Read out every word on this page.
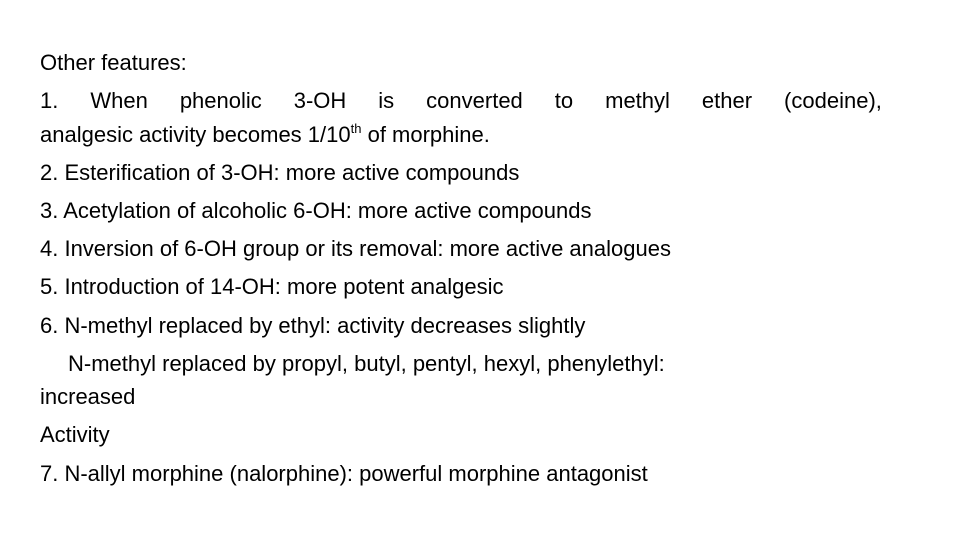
Other features:
1. When phenolic 3-OH is converted to methyl ether (codeine),
analgesic activity becomes 1/10th of morphine.
2. Esterification of 3-OH: more active compounds
3. Acetylation of alcoholic 6-OH: more active compounds
4. Inversion of 6-OH group or its removal: more active analogues
5. Introduction of 14-OH: more potent analgesic
6. N-methyl replaced by ethyl: activity decreases slightly
N-methyl replaced by propyl, butyl, pentyl, hexyl, phenylethyl:
increased
Activity
7. N-allyl morphine (nalorphine): powerful morphine antagonist
